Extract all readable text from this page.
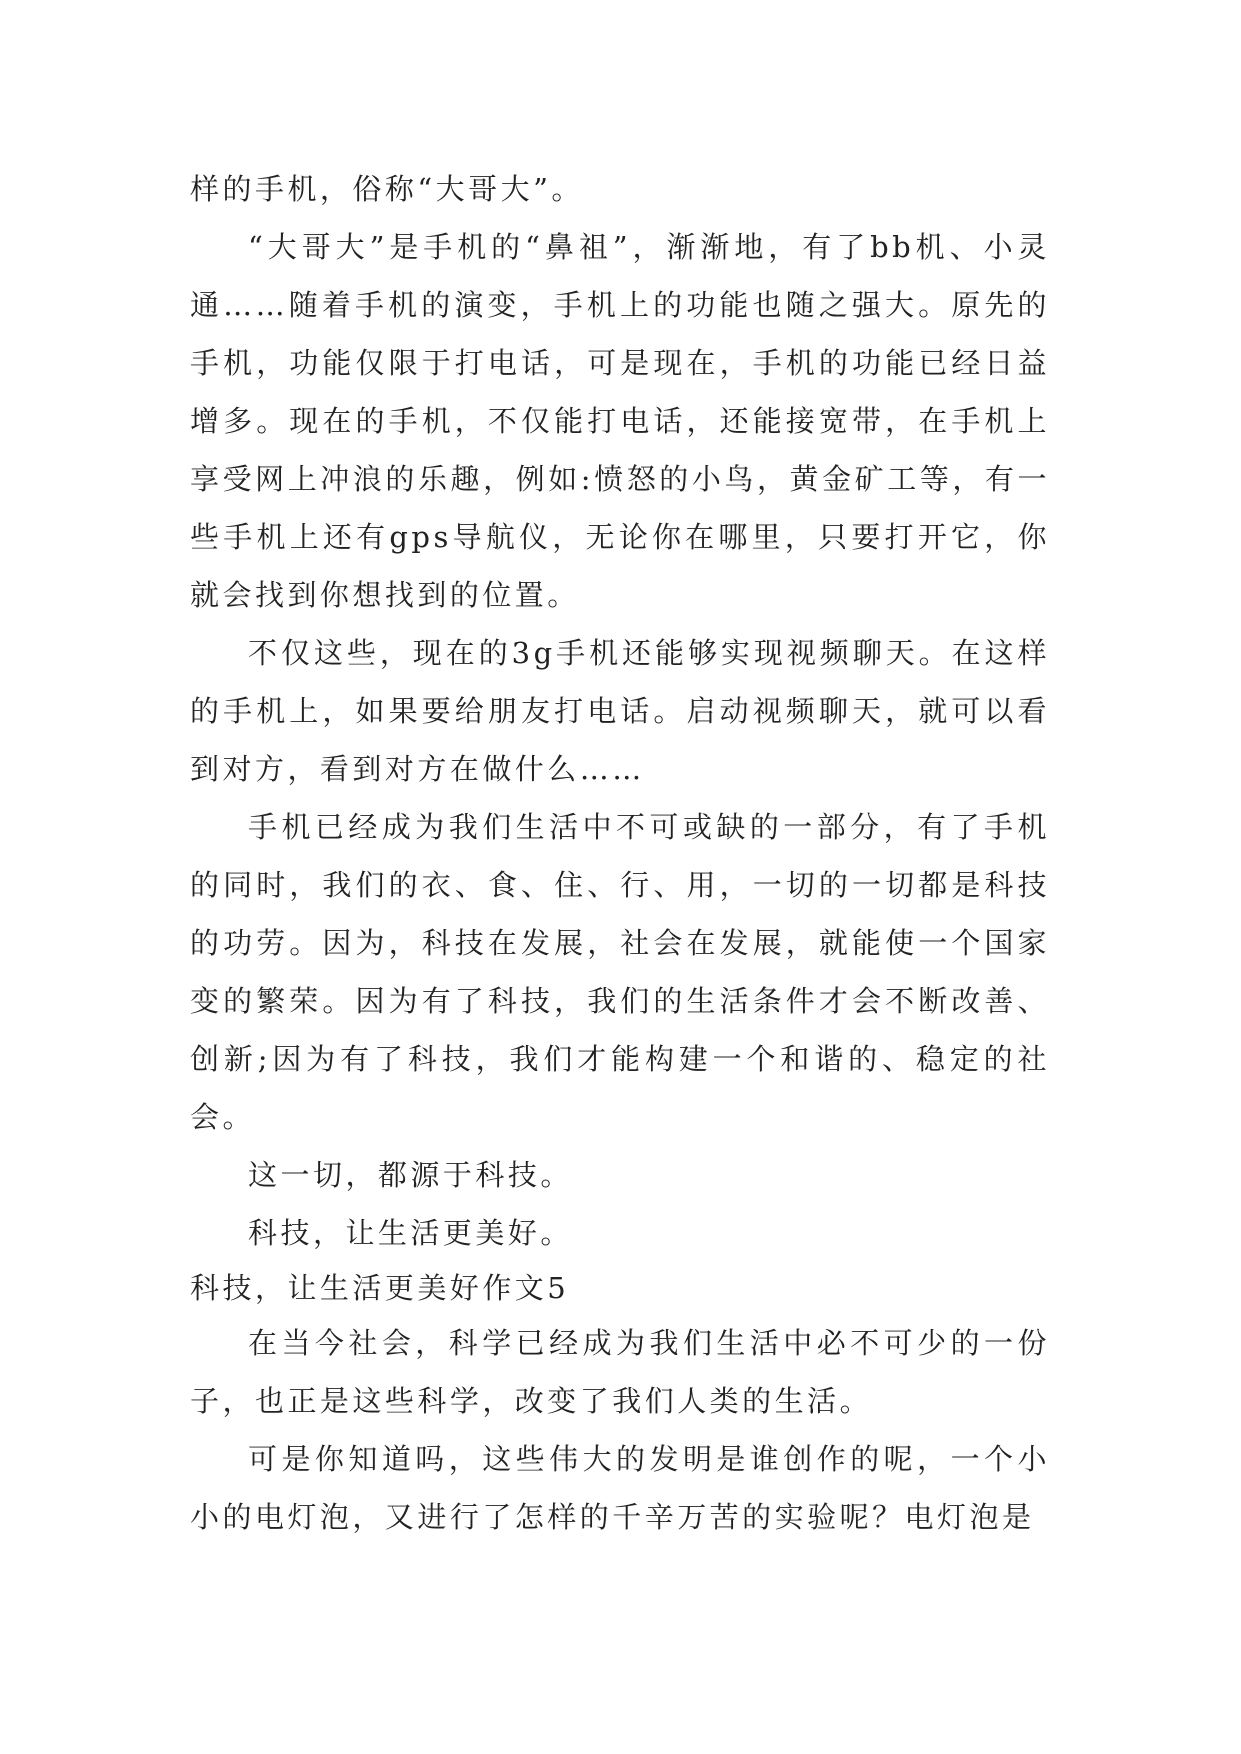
样的手机，俗称“大哥大”。

“大哥大”是手机的“鼻祖”，渐渐地，有了bb机、小灵通……随着手机的演变，手机上的功能也随之强大。原先的手机，功能仅限于打电话，可是现在，手机的功能已经日益增多。现在的手机，不仅能打电话，还能接宽带，在手机上享受网上冲浪的乐趣，例如:愤怒的小鸟，黄金矿工等，有一些手机上还有gps导航仪，无论你在哪里，只要打开它，你就会找到你想找到的位置。

不仅这些，现在的3g手机还能够实现视频聊天。在这样的手机上，如果要给朋友打电话。启动视频聊天，就可以看到对方，看到对方在做什么……

手机已经成为我们生活中不可或缺的一部分，有了手机的同时，我们的衣、食、住、行、用，一切的一切都是科技的功劳。因为，科技在发展，社会在发展，就能使一个国家变的繁荣。因为有了科技，我们的生活条件才会不断改善、创新;因为有了科技，我们才能构建一个和谐的、稳定的社会。

这一切，都源于科技。

科技，让生活更美好。

科技，让生活更美好作文5

在当今社会，科学已经成为我们生活中必不可少的一份子，也正是这些科学，改变了我们人类的生活。

可是你知道吗，这些伟大的发明是谁创作的呢，一个小小的电灯泡，又进行了怎样的千辛万苦的实验呢？电灯泡是
